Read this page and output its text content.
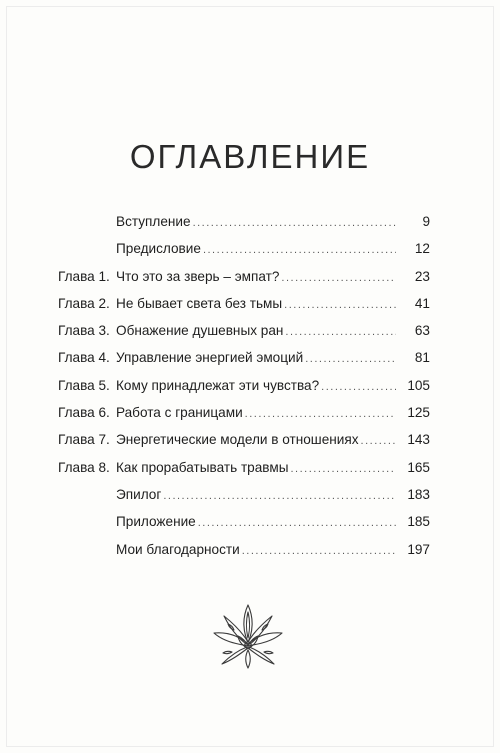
ОГЛАВЛЕНИЕ
Вступление .....	9
Предисловие .....	12
Глава 1. Что это за зверь – эмпат? .....	23
Глава 2. Не бывает света без тьмы .....	41
Глава 3. Обнажение душевных ран .....	63
Глава 4. Управление энергией эмоций .....	81
Глава 5. Кому принадлежат эти чувства? .....	105
Глава 6. Работа с границами .....	125
Глава 7. Энергетические модели в отношениях .....	143
Глава 8. Как прорабатывать травмы .....	165
Эпилог .....	183
Приложение .....	185
Мои благодарности .....	197
